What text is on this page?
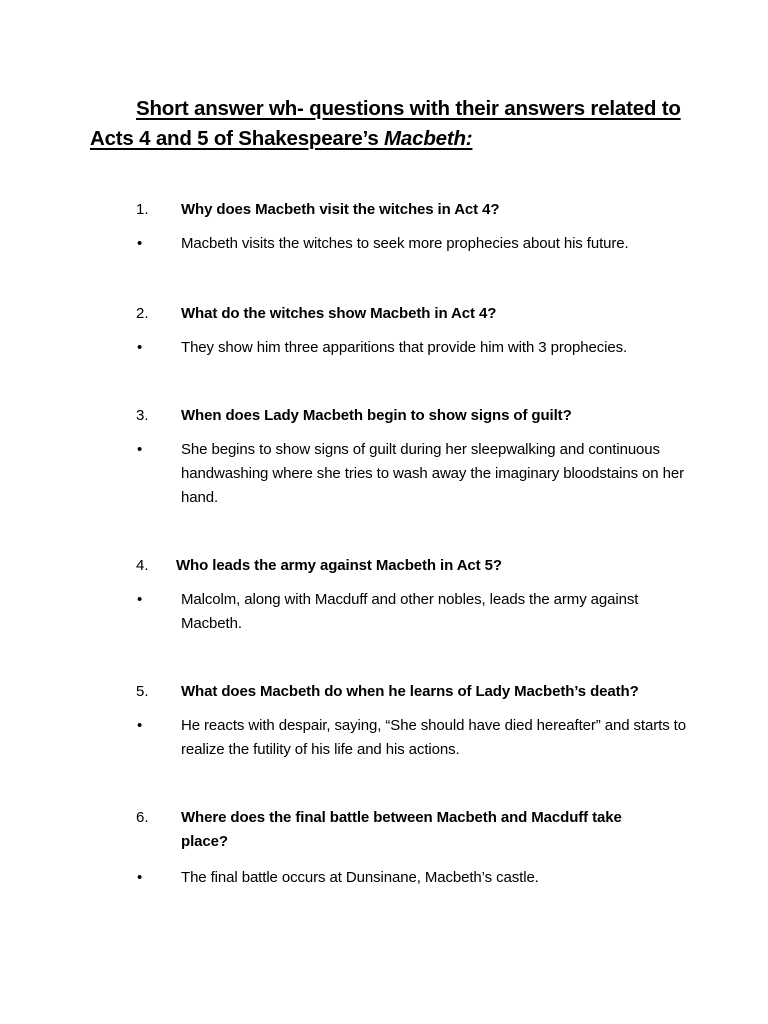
Short answer wh- questions with their answers related to
Acts 4 and 5 of Shakespeare’s Macbeth:
1. Why does Macbeth visit the witches in Act 4?
•	Macbeth visits the witches to seek more prophecies about his future.
2. What do the witches show Macbeth in Act 4?
•	They show him three apparitions that provide him with 3 prophecies.
3. When does Lady Macbeth begin to show signs of guilt?
•	She begins to show signs of guilt during her sleepwalking and continuous handwashing where she tries to wash away the imaginary bloodstains on her hand.
4. Who leads the army against Macbeth in Act 5?
•	Malcolm, along with Macduff and other nobles, leads the army against Macbeth.
5. What does Macbeth do when he learns of Lady Macbeth’s death?
•	He reacts with despair, saying, “She should have died hereafter” and starts to realize the futility of his life and his actions.
6. Where does the final battle between Macbeth and Macduff take place?
•	The final battle occurs at Dunsinane, Macbeth’s castle.
